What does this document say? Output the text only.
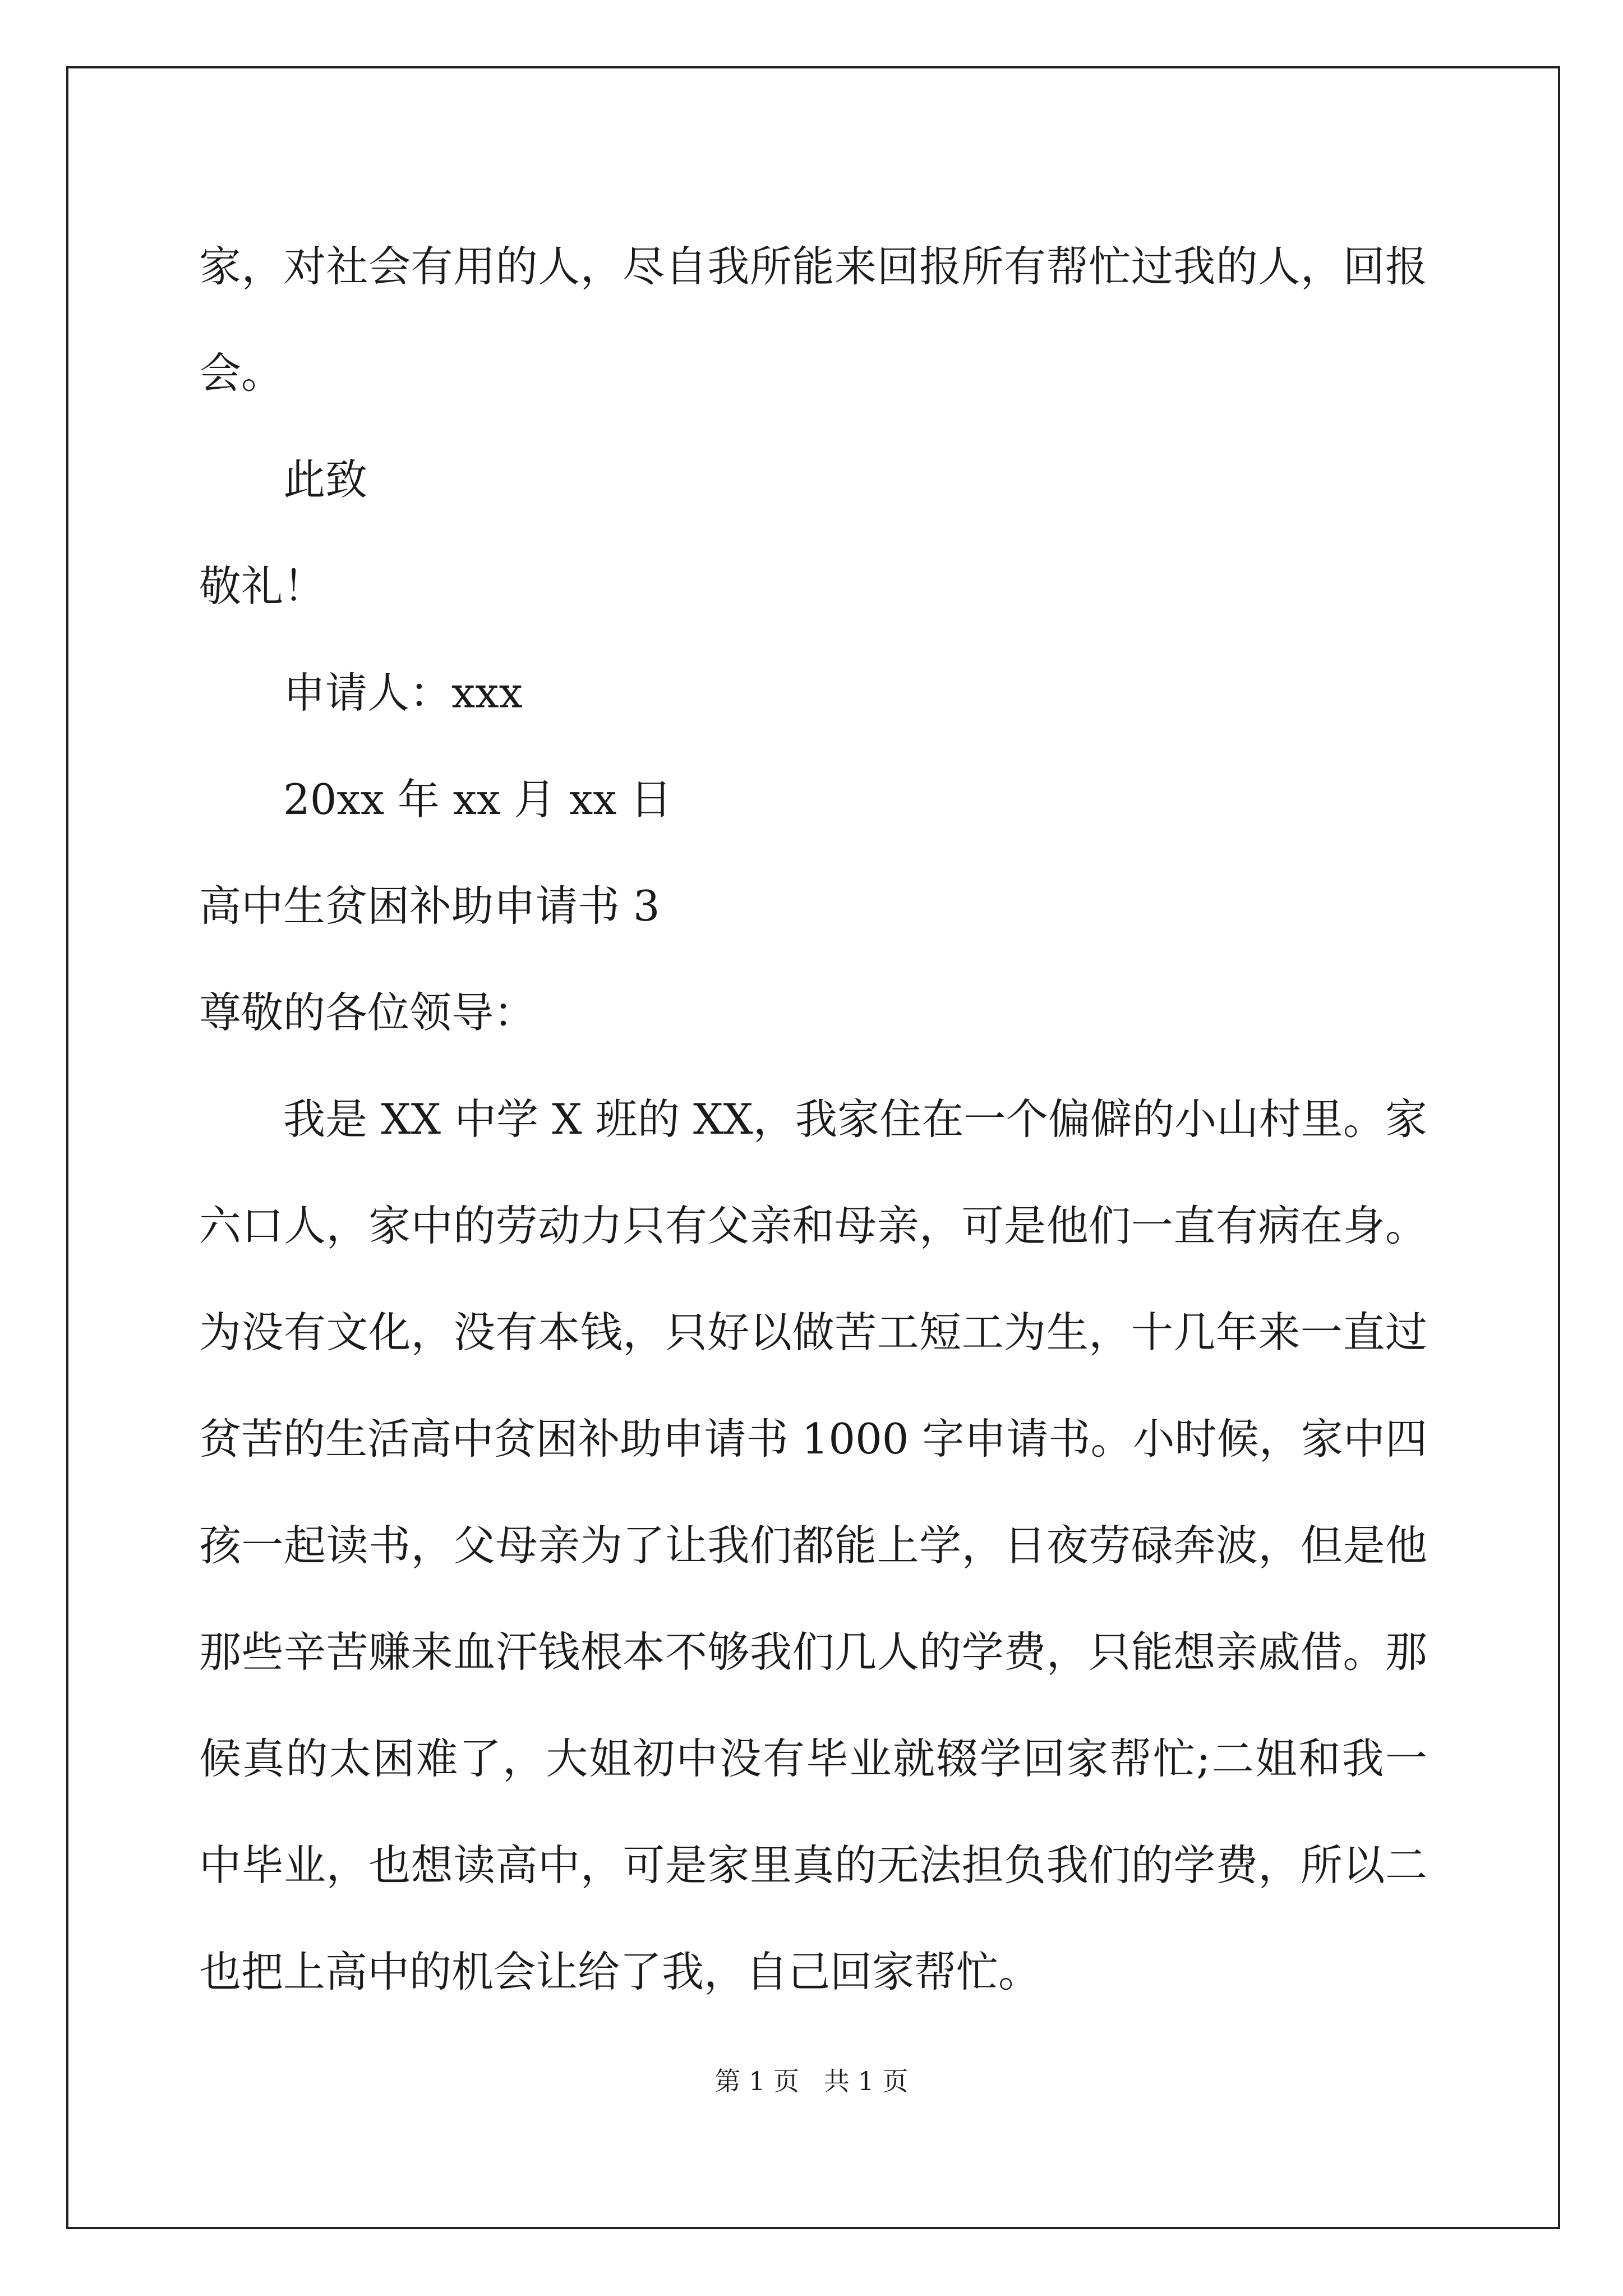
家，对社会有用的人，尽自我所能来回报所有帮忙过我的人，回报
会。
此致
敬礼！
申请人：xxx
20xx 年 xx 月 xx 日
高中生贫困补助申请书 3
尊敬的各位领导：
我是 XX 中学 X 班的 XX，我家住在一个偏僻的小山村里。家
六口人，家中的劳动力只有父亲和母亲，可是他们一直有病在身。
为没有文化，没有本钱，只好以做苦工短工为生，十几年来一直过
贫苦的生活高中贫困补助申请书 1000 字申请书。小时候，家中四
孩一起读书，父母亲为了让我们都能上学，日夜劳碌奔波，但是他
那些辛苦赚来血汗钱根本不够我们几人的学费，只能想亲戚借。那
候真的太困难了，大姐初中没有毕业就辍学回家帮忙;二姐和我一
中毕业，也想读高中，可是家里真的无法担负我们的学费，所以二
也把上高中的机会让给了我，自己回家帮忙。
第 1 页   共 1 页
